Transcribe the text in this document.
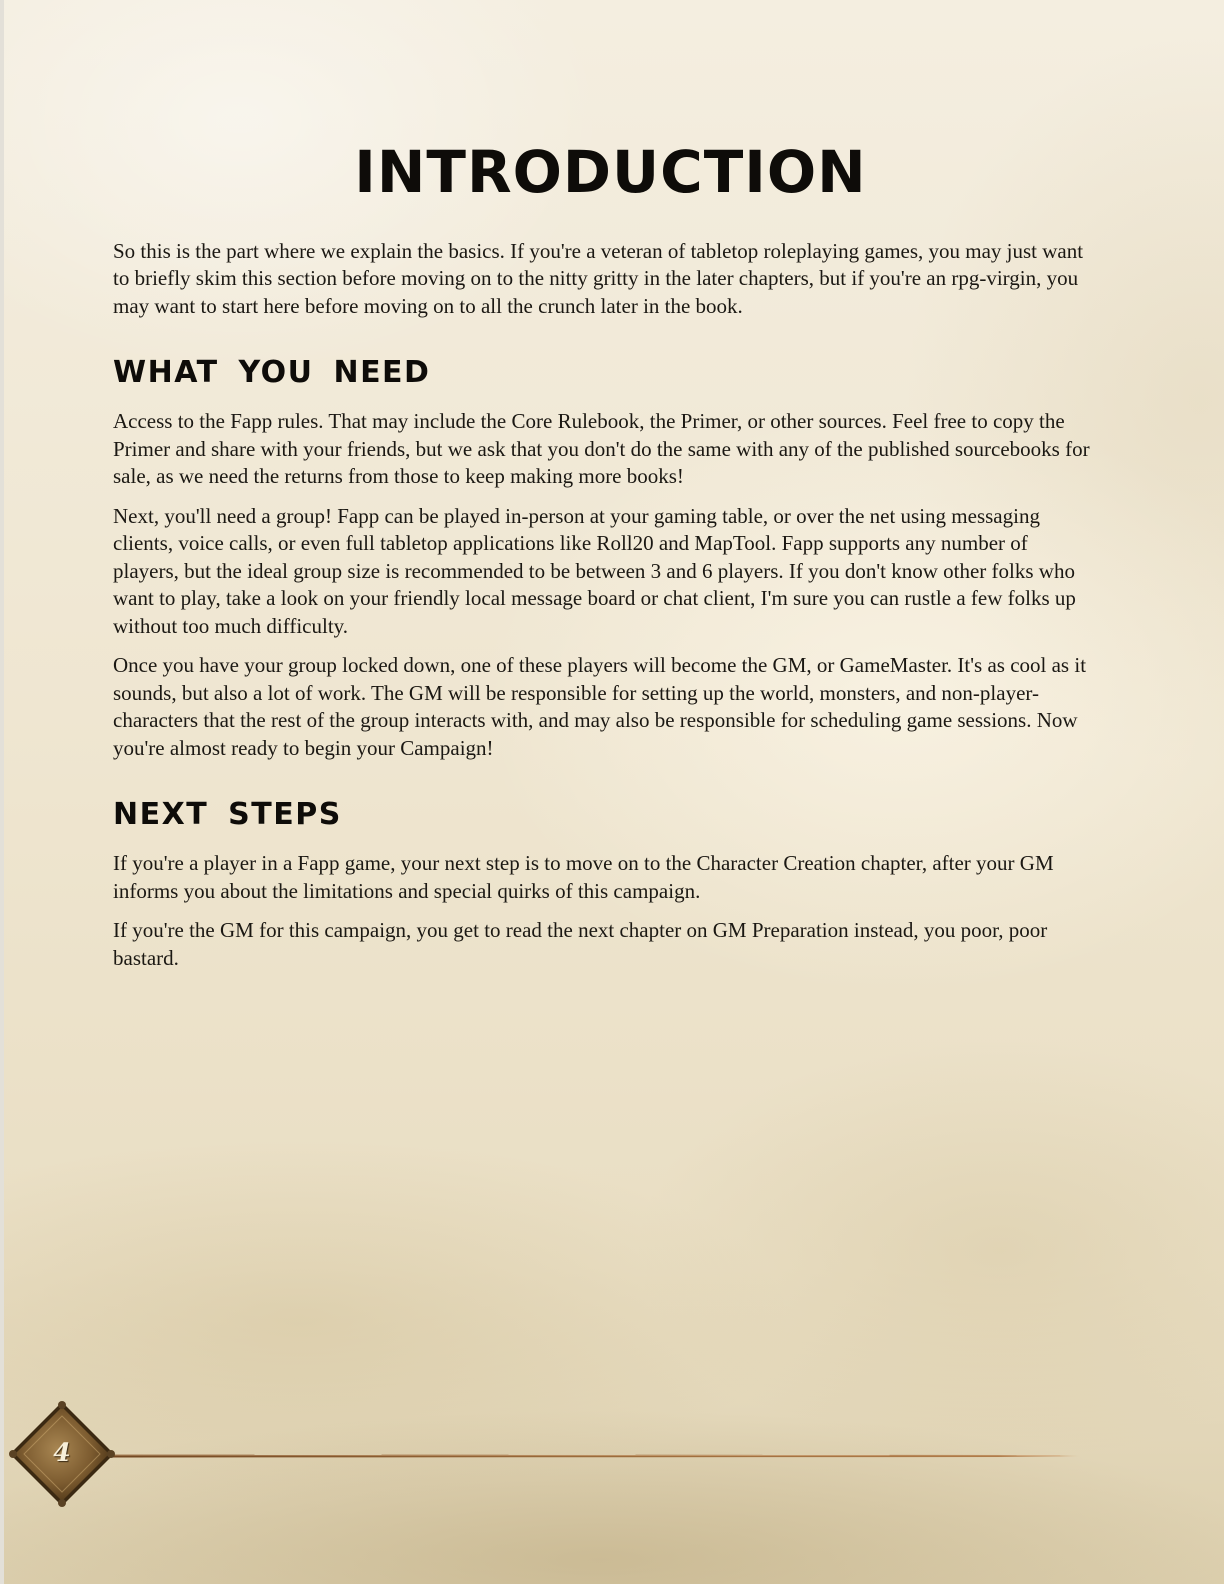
INTRODUCTION

So this is the part where we explain the basics. If you're a veteran of tabletop roleplaying games, you may just want to briefly skim this section before moving on to the nitty gritty in the later chapters, but if you're an rpg-virgin, you may want to start here before moving on to all the crunch later in the book.

WHAT YOU NEED

Access to the Fapp rules. That may include the Core Rulebook, the Primer, or other sources. Feel free to copy the Primer and share with your friends, but we ask that you don't do the same with any of the published sourcebooks for sale, as we need the returns from those to keep making more books!

Next, you'll need a group! Fapp can be played in-person at your gaming table, or over the net using messaging clients, voice calls, or even full tabletop applications like Roll20 and MapTool. Fapp supports any number of players, but the ideal group size is recommended to be between 3 and 6 players. If you don't know other folks who want to play, take a look on your friendly local message board or chat client, I'm sure you can rustle a few folks up without too much difficulty.

Once you have your group locked down, one of these players will become the GM, or GameMaster. It's as cool as it sounds, but also a lot of work. The GM will be responsible for setting up the world, monsters, and non-player-characters that the rest of the group interacts with, and may also be responsible for scheduling game sessions. Now you're almost ready to begin your Campaign!

NEXT STEPS

If you're a player in a Fapp game, your next step is to move on to the Character Creation chapter, after your GM informs you about the limitations and special quirks of this campaign.

If you're the GM for this campaign, you get to read the next chapter on GM Preparation instead, you poor, poor bastard.

4
